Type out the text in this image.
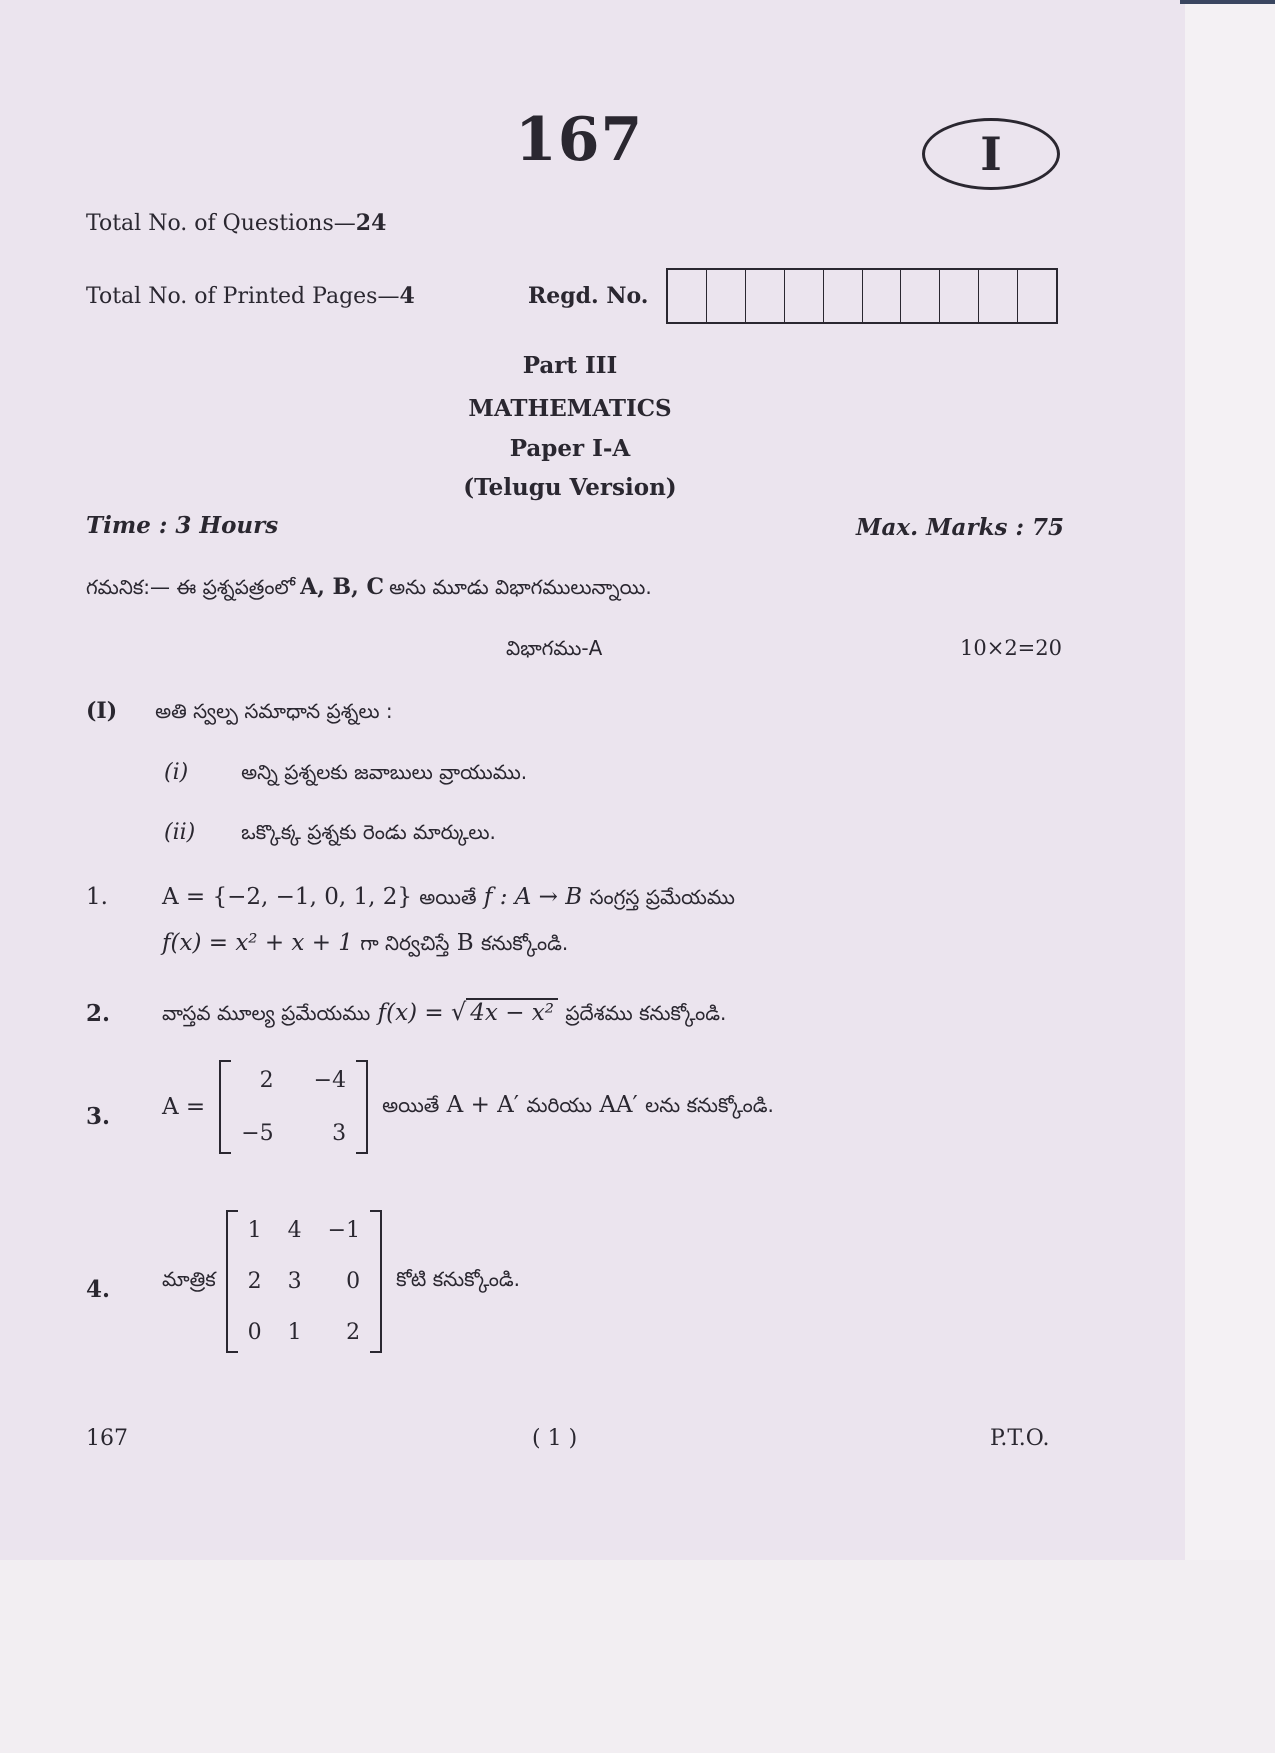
167	I
Total No. of Questions—24
Total No. of Printed Pages—4	Regd. No.
Part III
MATHEMATICS
Paper I-A
(Telugu Version)
Time : 3 Hours	Max. Marks : 75
గమనిక:— ఈ ప్రశ్నపత్రంలో A, B, C అను మూడు విభాగములున్నాయి.
విభాగము-A	10×2=20
(I) అతి స్వల్ప సమాధాన ప్రశ్నలు :
(i)	అన్ని ప్రశ్నలకు జవాబులు వ్రాయుము.
(ii) ఒక్కొక్క ప్రశ్నకు రెండు మార్కులు.
1. A = {−2, −1, 0, 1, 2} అయితే f : A → B సంగ్రస్త ప్రమేయము
f(x) = x² + x + 1 గా నిర్వచిస్తే B కనుక్కోండి.
2.	వాస్తవ మూల్య ప్రమేయము f(x) = √ 4x − x² ప్రదేశము కనుక్కోండి.
3. A =
2 −4
−5	3
అయితే A + A′ మరియు AA′ లను కనుక్కోండి.
4.	మాత్రిక
1 4 −1
2 3	0
0 1	2
కోటి కనుక్కోండి.
167	( 1 )	P.T.O.
